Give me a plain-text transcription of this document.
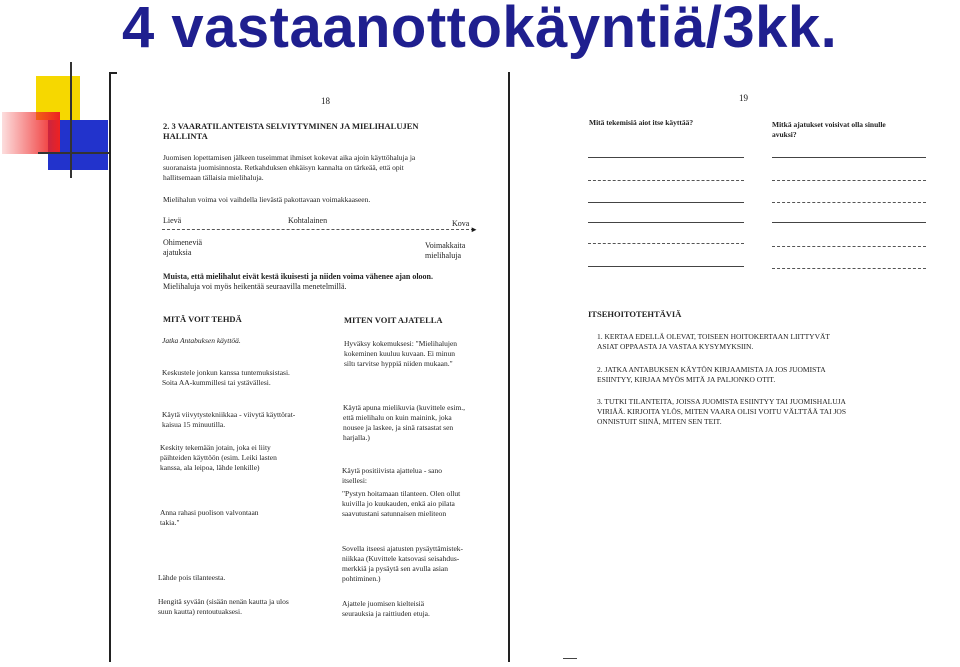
4 vastaanottokäyntiä/3kk.
18
2. 3 VAARATILANTEISTA SELVIYTYMINEN JA MIELIHALUJEN
HALLINTA
Juomisen lopettamisen jälkeen tuseimmat ihmiset kokevat aika ajoin käyttöhaluja ja
suoranaista juomisinnosta. Retkahduksen ehkäisyn kannalta on tärkeää, että opit
hallitsemaan tällaisia mielihaluja.
Mielihalun voima voi vaihdella lievästä pakottavaan voimakkaaseen.
Lievä	Kohtalainen	Kova
►
Ohimeneviä
ajatuksia
Voimakkaita
mielihaluja
Muista, että mielihalut eivät kestä ikuisesti ja niiden voima vähenee ajan oloon.
Mielihaluja voi myös heikentää seuraavilla menetelmillä.
MITÄ VOIT TEHDÄ	MITEN VOIT AJATELLA
Jatka Antabuksen käyttöä.
Keskustele jonkun kanssa tuntemuksistasi.
Soita AA-kummillesi tai ystävällesi.
Käytä viivytystekniikkaa - viivytä käyttörat-
kaisua 15 minuutilla.
Keskity tekemään jotain, joka ei liity
päihteiden käyttöön (esim. Leiki lasten
kanssa, ala leipoa, lähde lenkille)
Anna rahasi puolison valvontaan
takia."
Lähde pois tilanteesta.
Hengitä syvään (sisään nenän kautta ja ulos
suun kautta) rentoutuaksesi.
Hyväksy kokemuksesi: "Mielihalujen
kokeminen kuuluu kuvaan. Ei minun
siltı tarvitse hyppiä niiden mukaan."
Käytä apuna mielikuvia (kuvittele esim.,
että mielihalu on kuin mainink, joka
nousee ja laskee, ja sinä ratsastat sen
harjalla.)
Käytä positiivista ajattelua - sano
itsellesi:
"Pystyn hoitamaan tilanteen. Olen ollut
kuivilla jo kuukauden, enkä aio pilata
saavutustani satunnaisen mieliteon
Sovella itseesi ajatusten pysäyttämistek-
niikkaa (Kuvittele katsovasi seisahdus-
merkkiä ja pysäytä sen avulla asian
pohtiminen.)
Ajattele juomisen kielteisiä
seurauksia ja raittiuden etuja.
19
Mitä tekemisiä aiot itse käyttää?	Mitkä ajatukset voisivat olla sinulle
avuksi?
ITSEHOITOTEHTÄVIÄ
1. KERTAA EDELLÄ OLEVAT, TOISEEN HOITOKERTAAN LIITTYVÄT
ASIAT OPPAASTA JA VASTAA KYSYMYKSIIN.
2. JATKA ANTABUKSEN KÄYTÖN KIRJAAMISTA JA JOS JUOMISTA
ESIINTYY, KIRJAA MYÖS MITÄ JA PALJONKO OTIT.
3. TUTKI TILANTEITA, JOISSA JUOMISTA ESIINTYY TAI JUOMISHALUJA
VIRIÄÄ. KIRJOITA YLÖS, MITEN VAARA OLISI VOITU VÄLTTÄÄ TAI JOS
ONNISTUIT SIINÄ, MITEN SEN TEIT.
